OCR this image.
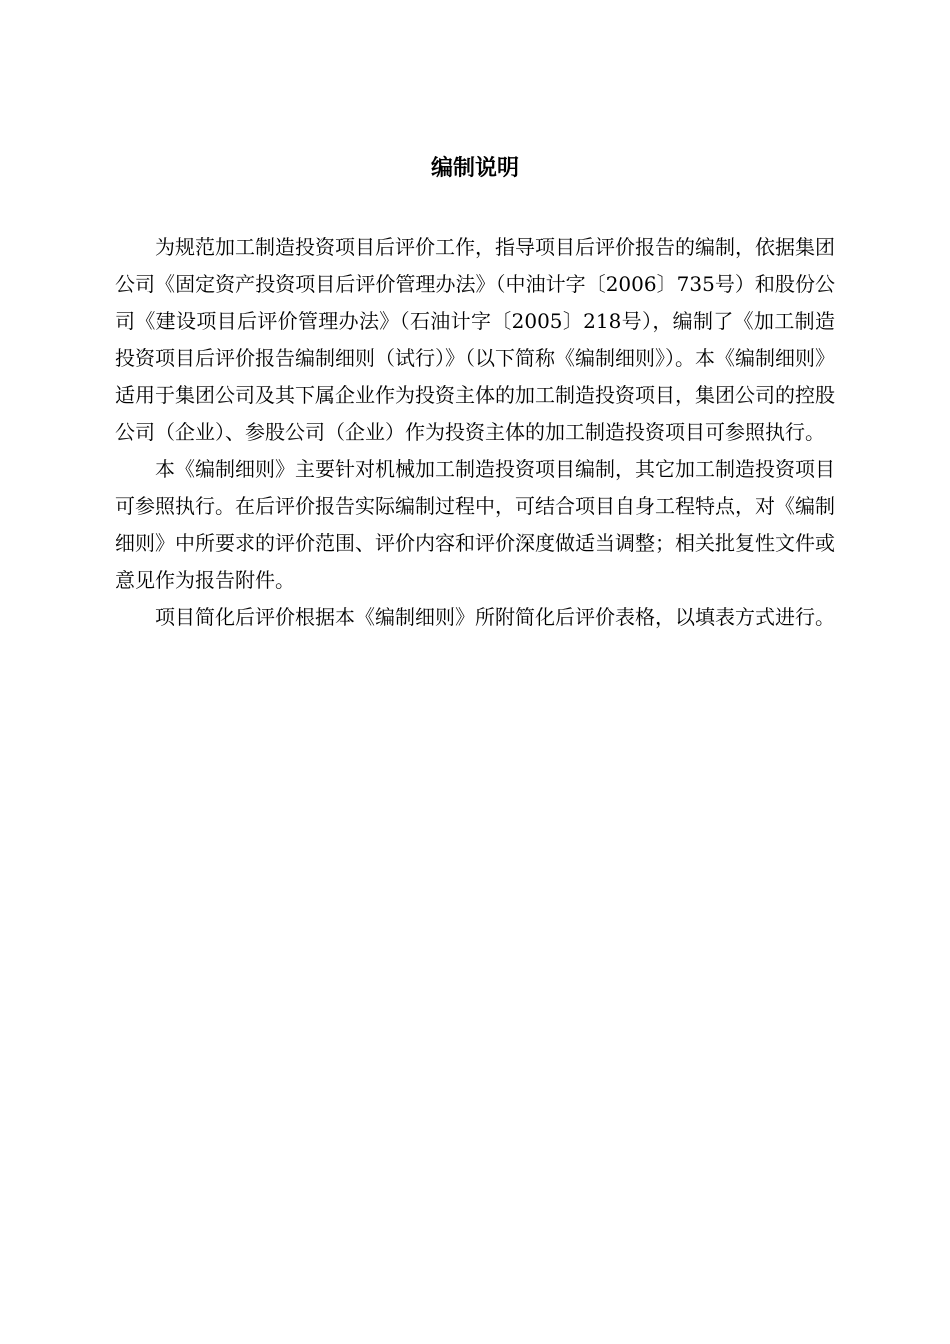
编制说明

为规范加工制造投资项目后评价工作，指导项目后评价报告的编制，依据集团公司《固定资产投资项目后评价管理办法》（中油计字〔2006〕735号）和股份公司《建设项目后评价管理办法》（石油计字〔2005〕218号），编制了《加工制造投资项目后评价报告编制细则（试行）》（以下简称《编制细则》）。本《编制细则》适用于集团公司及其下属企业作为投资主体的加工制造投资项目，集团公司的控股公司（企业）、参股公司（企业）作为投资主体的加工制造投资项目可参照执行。

本《编制细则》主要针对机械加工制造投资项目编制，其它加工制造投资项目可参照执行。在后评价报告实际编制过程中，可结合项目自身工程特点，对《编制细则》中所要求的评价范围、评价内容和评价深度做适当调整；相关批复性文件或意见作为报告附件。

项目简化后评价根据本《编制细则》所附简化后评价表格，以填表方式进行。
